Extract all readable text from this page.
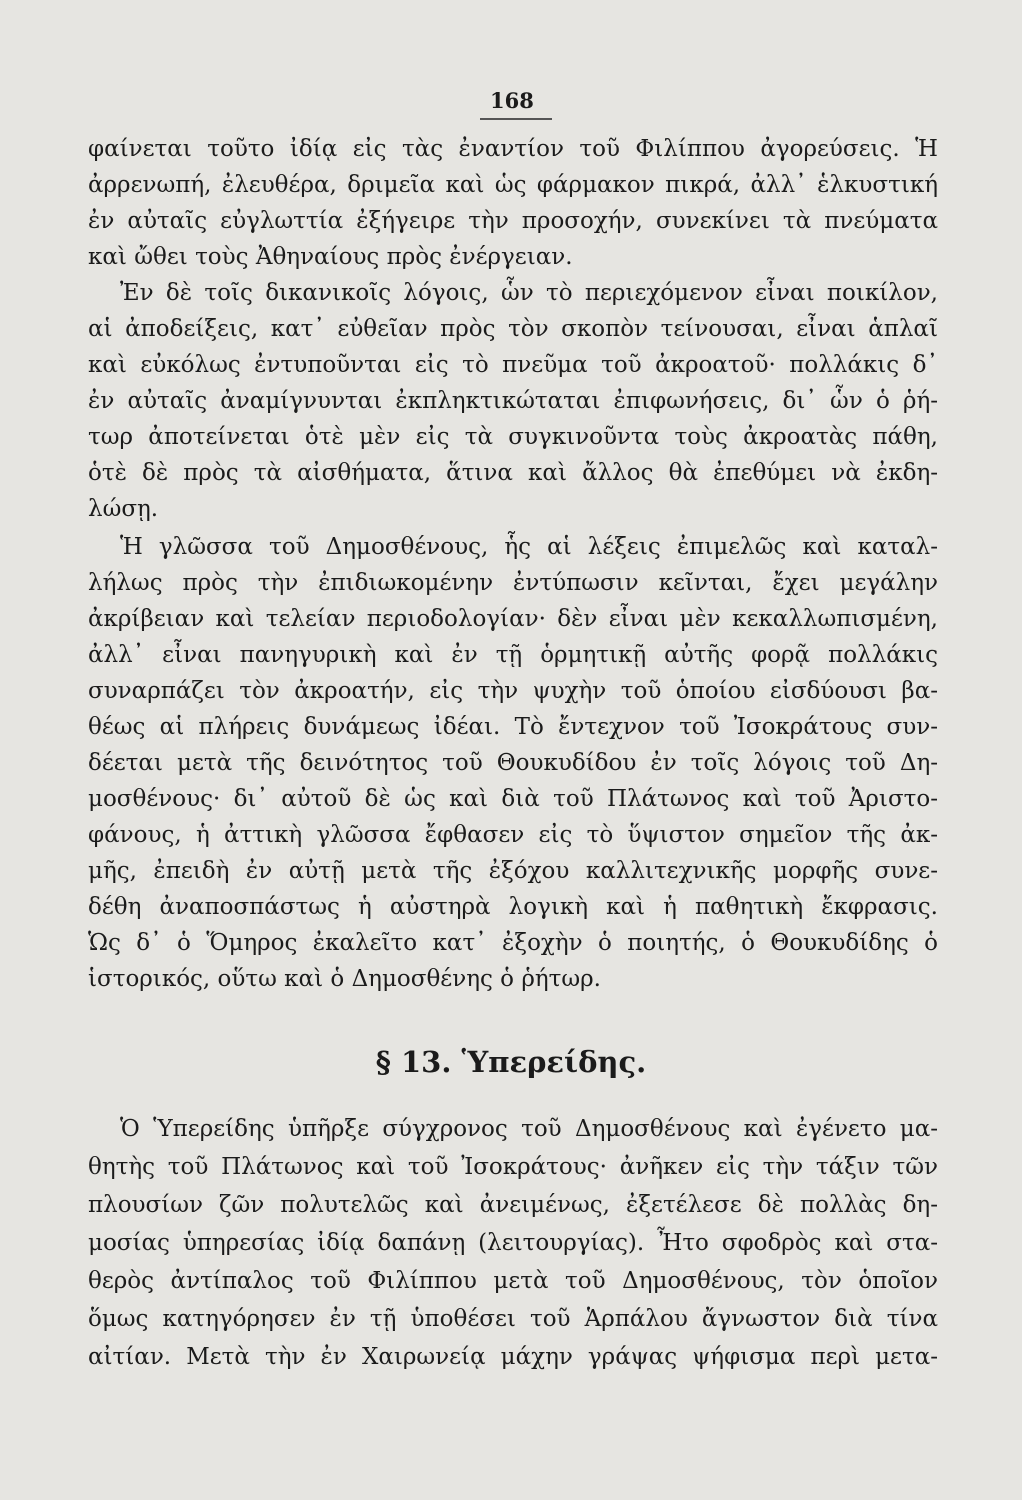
168
φαίνεται τοῦτο ἰδίᾳ εἰς τὰς ἐναντίον τοῦ Φιλίππου ἀγορεύσεις. Ἡ
ἀρρενωπή, ἐλευθέρα, δριμεῖα καὶ ὡς φάρμακον πικρά, ἀλλ᾽ ἑλκυστική
ἐν αὐταῖς εὐγλωττία ἐξήγειρε τὴν προσοχήν, συνεκίνει τὰ πνεύματα
καὶ ὤθει τοὺς Ἀθηναίους πρὸς ἐνέργειαν.
Ἐν δὲ τοῖς δικανικοῖς λόγοις, ὧν τὸ περιεχόμενον εἶναι ποικίλον,
αἱ ἀποδείξεις, κατ᾽ εὐθεῖαν πρὸς τὸν σκοπὸν τείνουσαι, εἶναι ἁπλαῖ
καὶ εὐκόλως ἐντυποῦνται εἰς τὸ πνεῦμα τοῦ ἀκροατοῦ· πολλάκις δ᾽
ἐν αὐταῖς ἀναμίγνυνται ἐκπληκτικώταται ἐπιφωνήσεις, δι᾽ ὧν ὁ ῥή-
τωρ ἀποτείνεται ὁτὲ μὲν εἰς τὰ συγκινοῦντα τοὺς ἀκροατὰς πάθη,
ὁτὲ δὲ πρὸς τὰ αἰσθήματα, ἅτινα καὶ ἄλλος θὰ ἐπεθύμει νὰ ἐκδη-
λώσῃ.
Ἡ γλῶσσα τοῦ Δημοσθένους, ἧς αἱ λέξεις ἐπιμελῶς καὶ καταλ-
λήλως πρὸς τὴν ἐπιδιωκομένην ἐντύπωσιν κεῖνται, ἔχει μεγάλην
ἀκρίβειαν καὶ τελείαν περιοδολογίαν· δὲν εἶναι μὲν κεκαλλωπισμένη,
ἀλλ᾽ εἶναι πανηγυρικὴ καὶ ἐν τῇ ὁρμητικῇ αὐτῆς φορᾷ πολλάκις
συναρπάζει τὸν ἀκροατήν, εἰς τὴν ψυχὴν τοῦ ὁποίου εἰσδύουσι βα-
θέως αἱ πλήρεις δυνάμεως ἰδέαι. Τὸ ἔντεχνον τοῦ Ἰσοκράτους συν-
δέεται μετὰ τῆς δεινότητος τοῦ Θουκυδίδου ἐν τοῖς λόγοις τοῦ Δη-
μοσθένους· δι᾽ αὐτοῦ δὲ ὡς καὶ διὰ τοῦ Πλάτωνος καὶ τοῦ Ἀριστο-
φάνους, ἡ ἀττικὴ γλῶσσα ἔφθασεν εἰς τὸ ὕψιστον σημεῖον τῆς ἀκ-
μῆς, ἐπειδὴ ἐν αὐτῇ μετὰ τῆς ἐξόχου καλλιτεχνικῆς μορφῆς συνε-
δέθη ἀναποσπάστως ἡ αὐστηρὰ λογικὴ καὶ ἡ παθητικὴ ἔκφρασις.
Ὡς δ᾽ ὁ Ὅμηρος ἐκαλεῖτο κατ᾽ ἐξοχὴν ὁ ποιητής, ὁ Θουκυδίδης ὁ
ἱστορικός, οὕτω καὶ ὁ Δημοσθένης ὁ ῥήτωρ.
§ 13. Ὑπερείδης.
Ὁ Ὑπερείδης ὑπῆρξε σύγχρονος τοῦ Δημοσθένους καὶ ἐγένετο μα-
θητὴς τοῦ Πλάτωνος καὶ τοῦ Ἰσοκράτους· ἀνῆκεν εἰς τὴν τάξιν τῶν
πλουσίων ζῶν πολυτελῶς καὶ ἀνειμένως, ἐξετέλεσε δὲ πολλὰς δη-
μοσίας ὑπηρεσίας ἰδίᾳ δαπάνῃ (λειτουργίας). Ἦτο σφοδρὸς καὶ στα-
θερὸς ἀντίπαλος τοῦ Φιλίππου μετὰ τοῦ Δημοσθένους, τὸν ὁποῖον
ὅμως κατηγόρησεν ἐν τῇ ὑποθέσει τοῦ Ἁρπάλου ἄγνωστον διὰ τίνα
αἰτίαν. Μετὰ τὴν ἐν Χαιρωνείᾳ μάχην γράψας ψήφισμα περὶ μετα-
